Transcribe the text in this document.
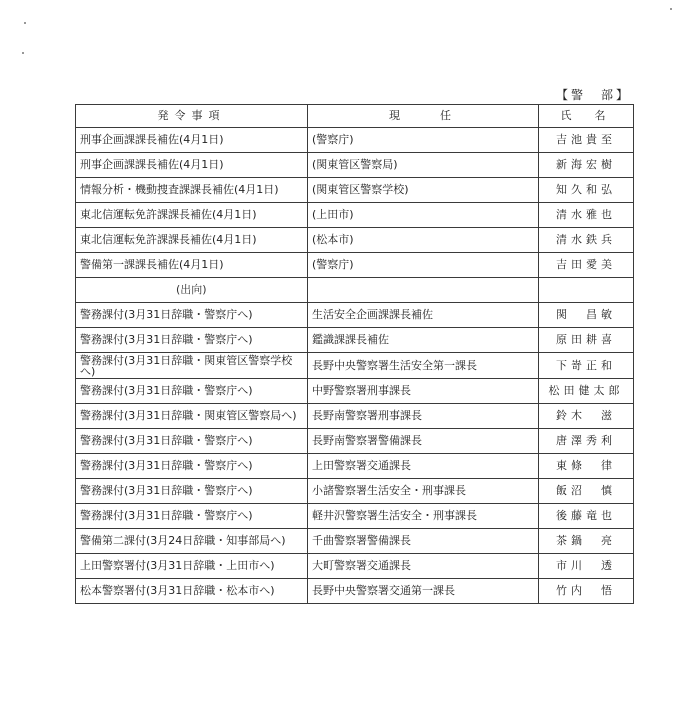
【警　部】
発令事項	現　　任	氏　名
刑事企画課課長補佐(4月1日)	(警察庁)	吉池貴至
刑事企画課課長補佐(4月1日)	(関東管区警察局)	新海宏樹
情報分析・機動捜査課課長補佐(4月1日)	(関東管区警察学校)	知久和弘
東北信運転免許課課長補佐(4月1日)	(上田市)	清水雅也
東北信運転免許課課長補佐(4月1日)	(松本市)	清水鉄兵
警備第一課課長補佐(4月1日)	(警察庁)	吉田愛美
(出向)		
警務課付(3月31日辞職・警察庁へ)	生活安全企画課課長補佐	関　昌敏
警務課付(3月31日辞職・警察庁へ)	鑑識課課長補佐	原田耕喜
警務課付(3月31日辞職・関東管区警察学校へ)	長野中央警察署生活安全第一課長	下嵜正和
警務課付(3月31日辞職・警察庁へ)	中野警察署刑事課長	松田健太郎
警務課付(3月31日辞職・関東管区警察局へ)	長野南警察署刑事課長	鈴木　滋
警務課付(3月31日辞職・警察庁へ)	長野南警察署警備課長	唐澤秀利
警務課付(3月31日辞職・警察庁へ)	上田警察署交通課長	東條　律
警務課付(3月31日辞職・警察庁へ)	小諸警察署生活安全・刑事課長	飯沼　慎
警務課付(3月31日辞職・警察庁へ)	軽井沢警察署生活安全・刑事課長	後藤竜也
警備第二課付(3月24日辞職・知事部局へ)	千曲警察署警備課長	茶鍋　亮
上田警察署付(3月31日辞職・上田市へ)	大町警察署交通課長	市川　透
松本警察署付(3月31日辞職・松本市へ)	長野中央警察署交通第一課長	竹内　悟
